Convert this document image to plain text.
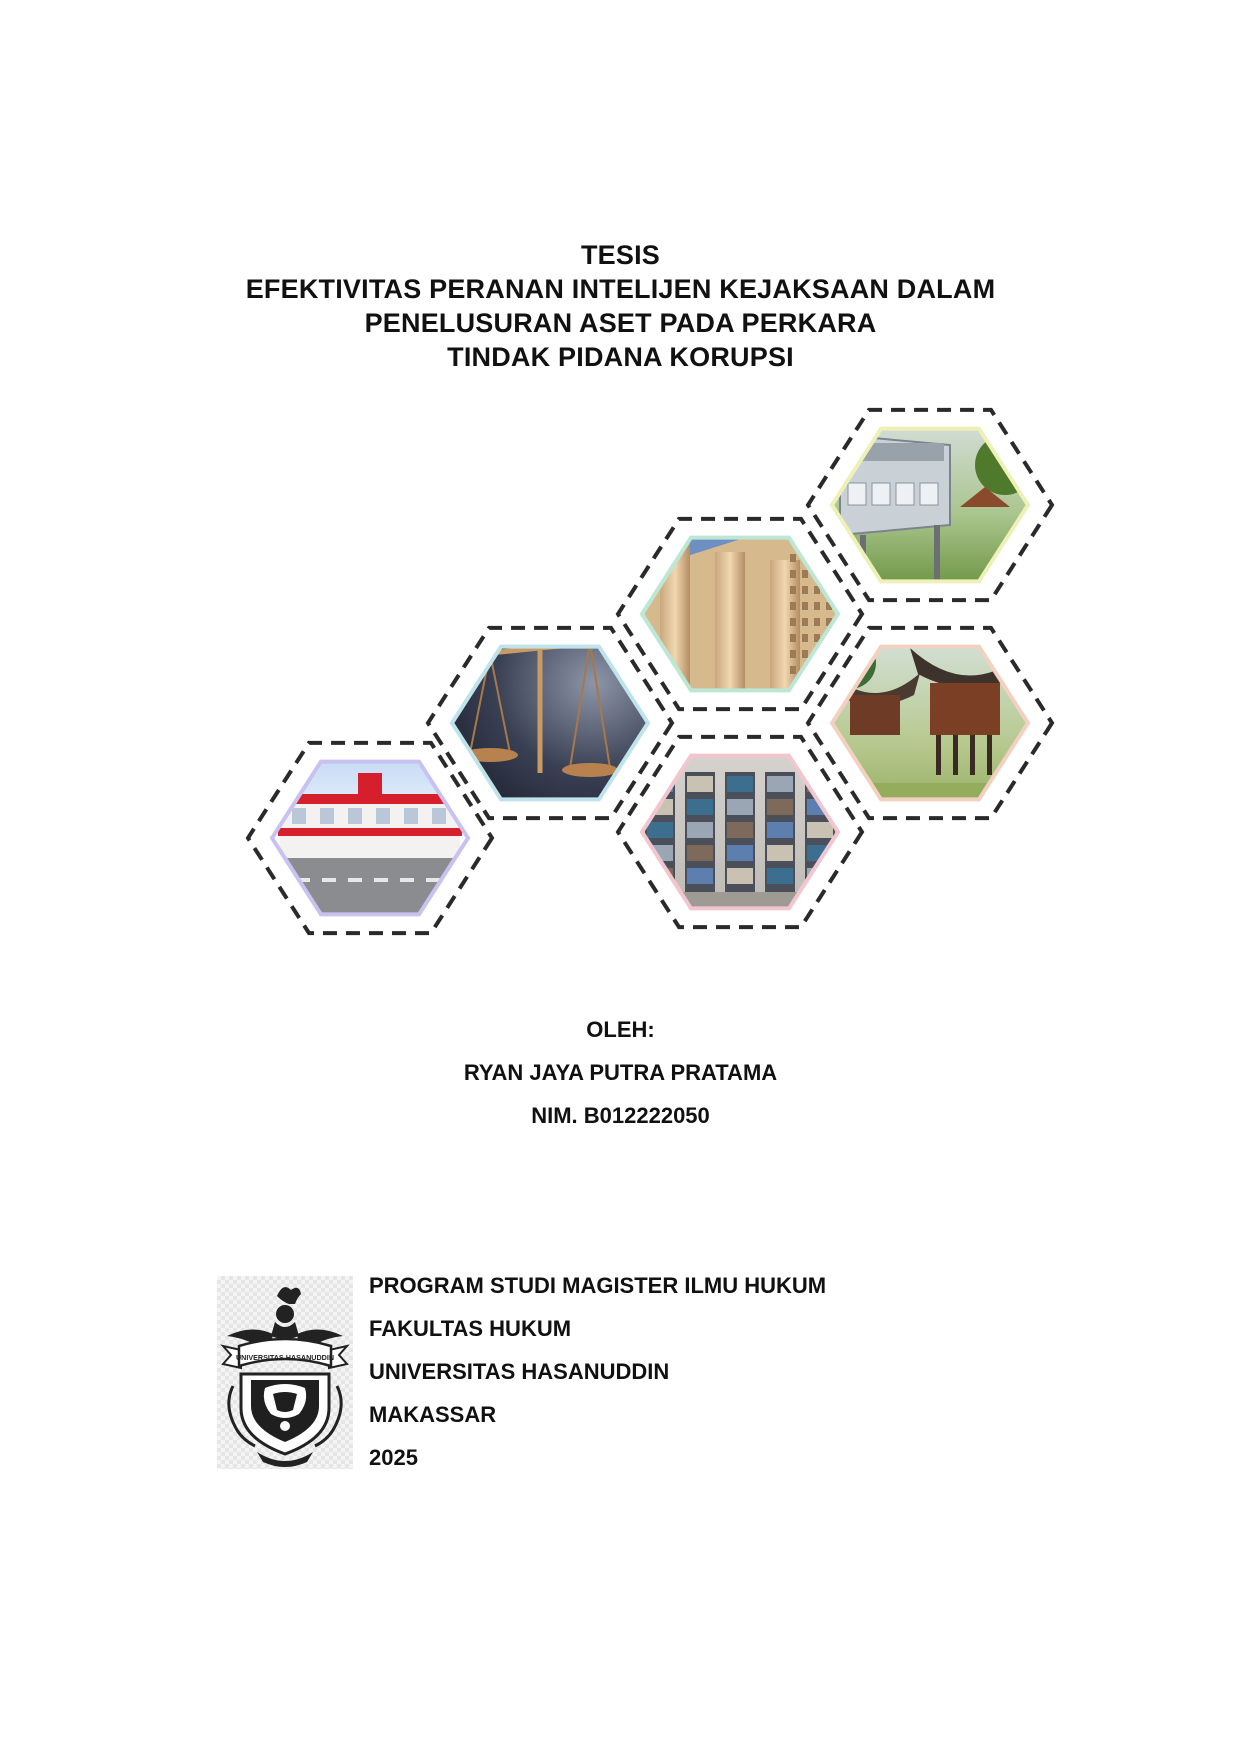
TESIS
EFEKTIVITAS PERANAN INTELIJEN KEJAKSAAN DALAM
PENELUSURAN ASET PADA PERKARA
TINDAK PIDANA KORUPSI
OLEH:
RYAN JAYA PUTRA PRATAMA
NIM. B012222050
UNIVERSITAS HASANUDDIN
PROGRAM STUDI MAGISTER ILMU HUKUM
FAKULTAS HUKUM
UNIVERSITAS HASANUDDIN
MAKASSAR
2025
